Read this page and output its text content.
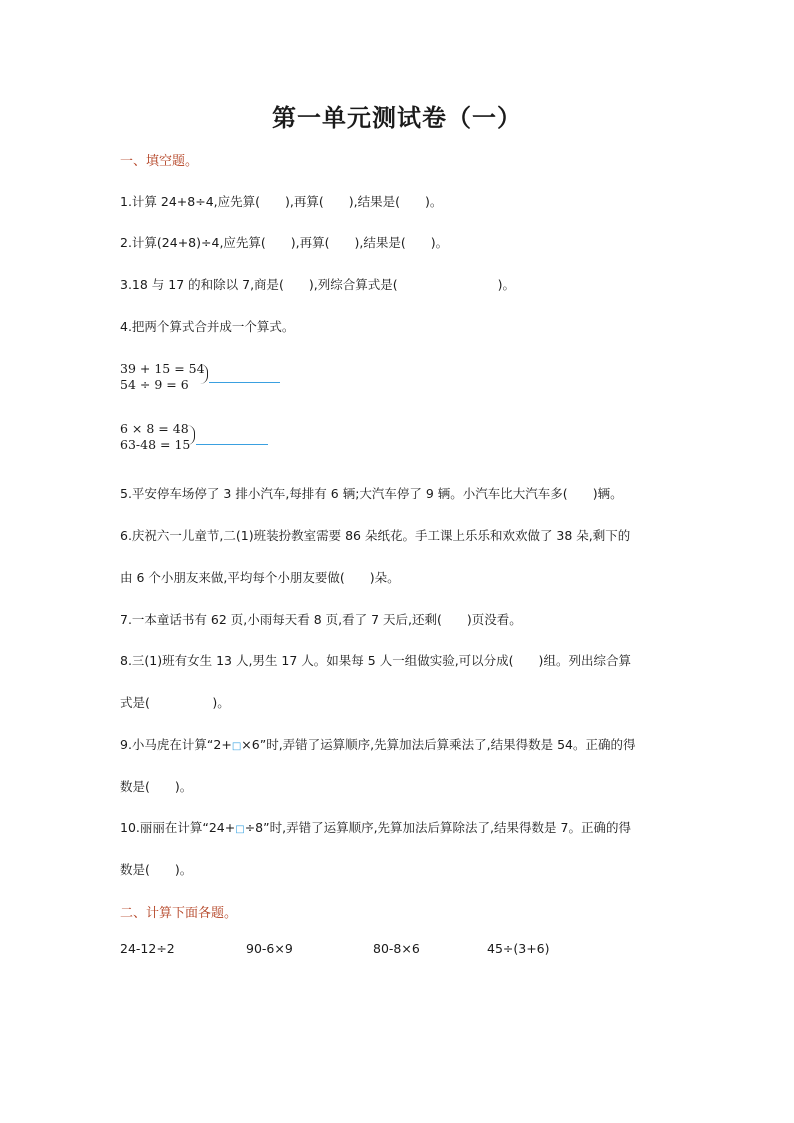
第一单元测试卷（一）
一、填空题。
1.计算 24+8÷4,应先算(　　),再算(　　),结果是(　　)。
2.计算(24+8)÷4,应先算(　　),再算(　　),结果是(　　)。
3.18 与 17 的和除以 7,商是(　　),列综合算式是(　　　　　　　　)。
4.把两个算式合并成一个算式。
39 + 15 = 54
54 ÷ 9 = 6
6 × 8 = 48
63-48 = 15
5.平安停车场停了 3 排小汽车,每排有 6 辆;大汽车停了 9 辆。小汽车比大汽车多(　　)辆。
6.庆祝六一儿童节,二(1)班装扮教室需要 86 朵纸花。手工课上乐乐和欢欢做了 38 朵,剩下的
由 6 个小朋友来做,平均每个小朋友要做(　　)朵。
7.一本童话书有 62 页,小雨每天看 8 页,看了 7 天后,还剩(　　)页没看。
8.三(1)班有女生 13 人,男生 17 人。如果每 5 人一组做实验,可以分成(　　)组。列出综合算
式是(　　　　　)。
9.小马虎在计算“2+□×6”时,弄错了运算顺序,先算加法后算乘法了,结果得数是 54。正确的得
数是(　　)。
10.丽丽在计算“24+□÷8”时,弄错了运算顺序,先算加法后算除法了,结果得数是 7。正确的得
数是(　　)。
二、计算下面各题。
24-12÷2	90-6×9	80-8×6	45÷(3+6)
